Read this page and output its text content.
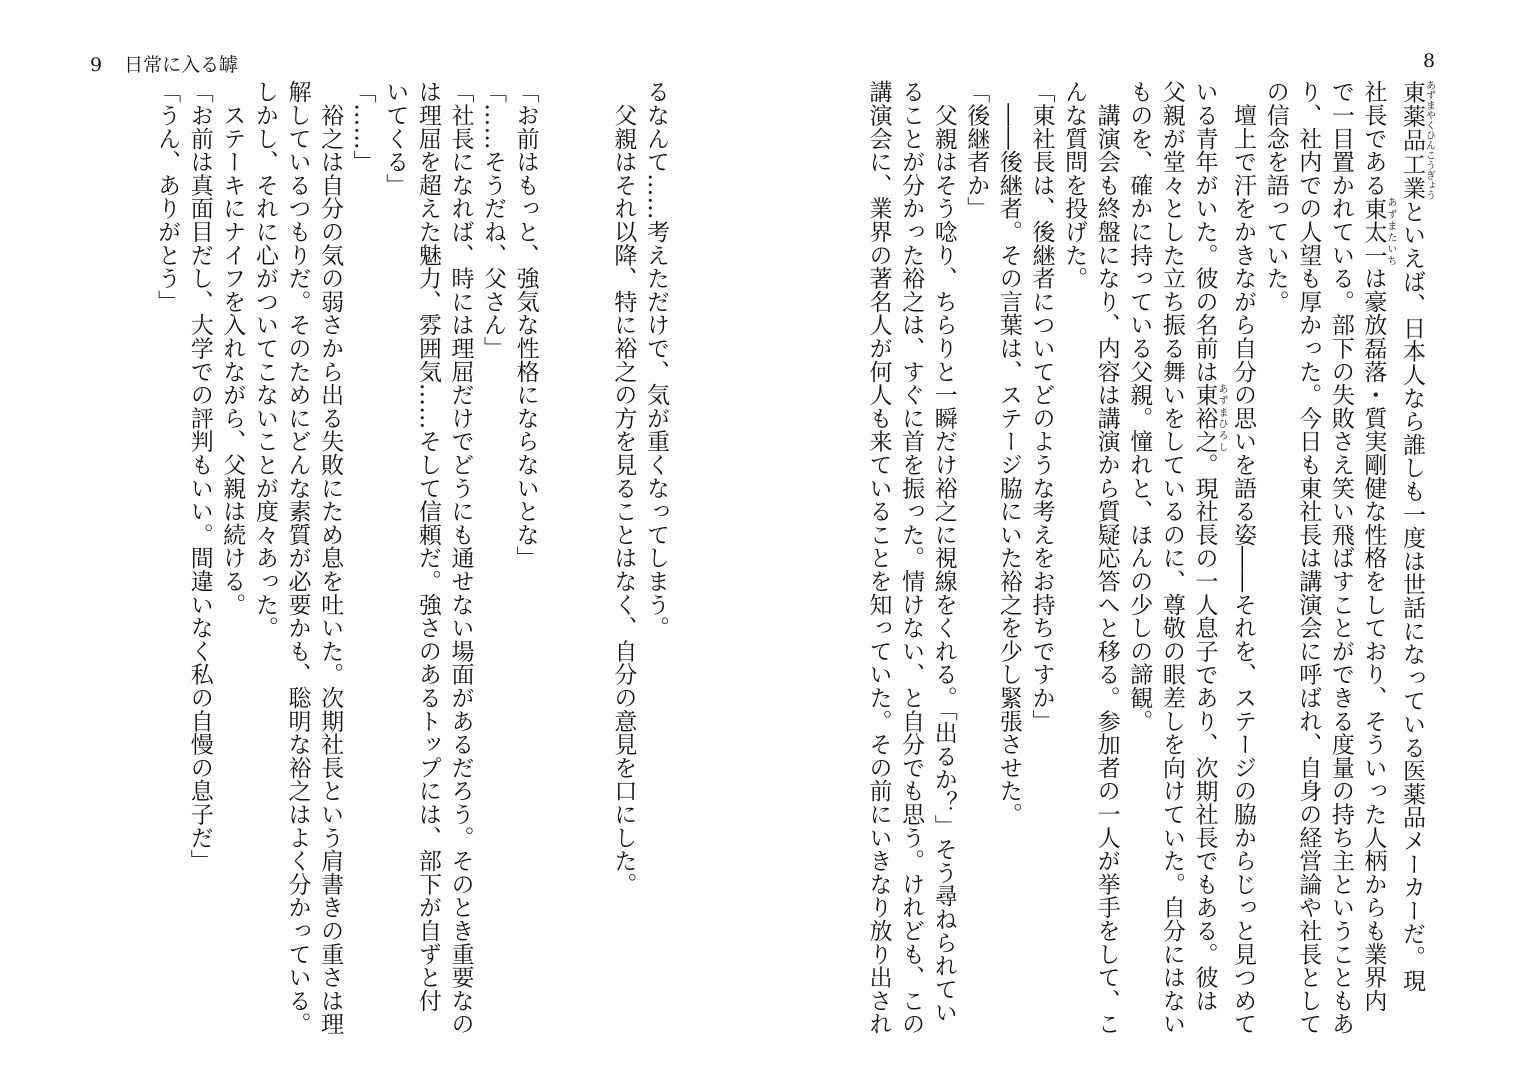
9 日常に入る罅	8
東薬品工業あずまやくひんこうぎょうといえば、日本人なら誰しも一度は世話になっている医薬品メーカーだ。現
社長である東太一あずまたいちは豪放磊落・質実剛健な性格をしており、そういった人柄からも業界内
で一目置かれている。部下の失敗さえ笑い飛ばすことができる度量の持ち主ということもあ
り、社内での人望も厚かった。今日も東社長は講演会に呼ばれ、自身の経営論や社長として
の信念を語っていた。
　壇上で汗をかきながら自分の思いを語る姿――それを、ステージの脇からじっと見つめて
いる青年がいた。彼の名前は東裕之あずまひろし。現社長の一人息子であり、次期社長でもある。彼は
父親が堂々とした立ち振る舞いをしているのに、尊敬の眼差しを向けていた。自分にはない
ものを、確かに持っている父親。憧れと、ほんの少しの諦観。
　講演会も終盤になり、内容は講演から質疑応答へと移る。参加者の一人が挙手をして、こ
んな質問を投げた。
「東社長は、後継者についてどのような考えをお持ちですか」
　――後継者。その言葉は、ステージ脇にいた裕之を少し緊張させた。
「後継者か」
　父親はそう唸り、ちらりと一瞬だけ裕之に視線をくれる。「出るか？」そう尋ねられてい
ることが分かった裕之は、すぐに首を振った。情けない、と自分でも思う。けれども、この
講演会に、業界の著名人が何人も来ていることを知っていた。その前にいきなり放り出され
るなんて……考えただけで、気が重くなってしまう。
　父親はそれ以降、特に裕之の方を見ることはなく、自分の意見を口にした。
「お前はもっと、強気な性格にならないとな」
「……そうだね、父さん」
「社長になれば、時には理屈だけでどうにも通せない場面があるだろう。そのとき重要なの
は理屈を超えた魅力、雰囲気……そして信頼だ。強さのあるトップには、部下が自ずと付
いてくる」
「……」
　裕之は自分の気の弱さから出る失敗にため息を吐いた。次期社長という肩書きの重さは理
解しているつもりだ。そのためにどんな素質が必要かも、聡明な裕之はよく分かっている。
しかし、それに心がついてこないことが度々あった。
　ステーキにナイフを入れながら、父親は続ける。
「お前は真面目だし、大学での評判もいい。間違いなく私の自慢の息子だ」
「うん、ありがとう」
